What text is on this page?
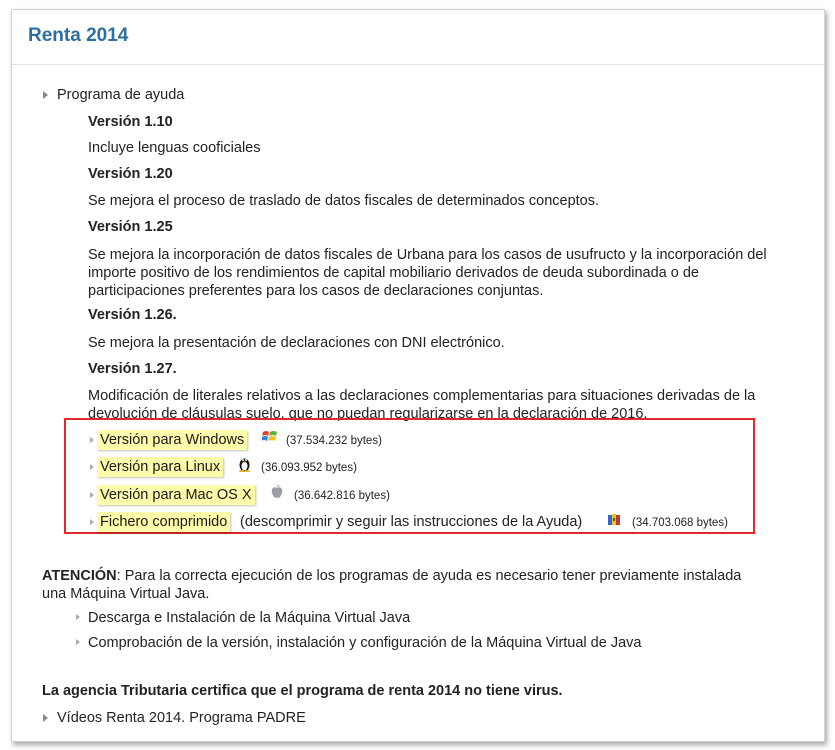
Renta 2014
Programa de ayuda
Versión 1.10
Incluye lenguas cooficiales
Versión 1.20
Se mejora el proceso de traslado de datos fiscales de determinados conceptos.
Versión 1.25
Se mejora la incorporación de datos fiscales de Urbana para los casos de usufructo y la incorporación del
importe positivo de los rendimientos de capital mobiliario derivados de deuda subordinada o de
participaciones preferentes para los casos de declaraciones conjuntas.
Versión 1.26.
Se mejora la presentación de declaraciones con DNI electrónico.
Versión 1.27.
Modificación de literales relativos a las declaraciones complementarias para situaciones derivadas de la
devolución de cláusulas suelo, que no puedan regularizarse en la declaración de 2016.
Versión para Windows	(37.534.232 bytes)
Versión para Linux	(36.093.952 bytes)
Versión para Mac OS X	(36.642.816 bytes)
Fichero comprimido (descomprimir y seguir las instrucciones de la Ayuda)	(34.703.068 bytes)
ATENCIÓN: Para la correcta ejecución de los programas de ayuda es necesario tener previamente instalada
una Máquina Virtual Java.
Descarga e Instalación de la Máquina Virtual Java
Comprobación de la versión, instalación y configuración de la Máquina Virtual de Java
La agencia Tributaria certifica que el programa de renta 2014 no tiene virus.
Vídeos Renta 2014. Programa PADRE
